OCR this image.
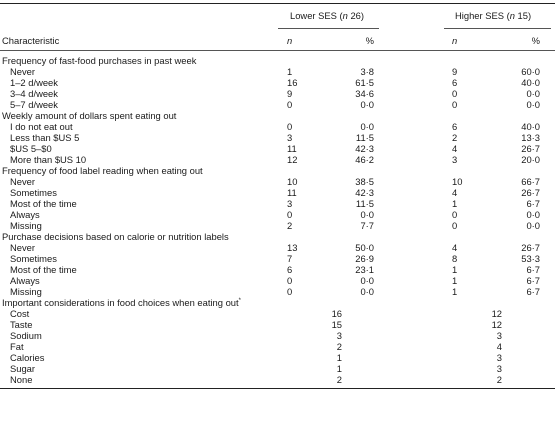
Lower SES (n 26)	Higher SES (n 15)
Characteristic	n	%	n	%
Frequency of fast-food purchases in past week
Never	1	3·8	9	60·0
1–2 d/week	16	61·5	6	40·0
3–4 d/week	9	34·6	0	0·0
5–7 d/week	0	0·0	0	0·0
Weekly amount of dollars spent eating out
I do not eat out	0	0·0	6	40·0
Less than $US 5	3	11·5	2	13·3
$US 5–$0	11	42·3	4	26·7
More than $US 10	12	46·2	3	20·0
Frequency of food label reading when eating out
Never	10	38·5	10	66·7
Sometimes	11	42·3	4	26·7
Most of the time	3	11·5	1	6·7
Always	0	0·0	0	0·0
Missing	2	7·7	0	0·0
Purchase decisions based on calorie or nutrition labels
Never	13	50·0	4	26·7
Sometimes	7	26·9	8	53·3
Most of the time	6	23·1	1	6·7
Always	0	0·0	1	6·7
Missing	0	0·0	1	6·7
Important considerations in food choices when eating out*
Cost	16	12
Taste	15	12
Sodium	3	3
Fat	2	4
Calories	1	3
Sugar	1	3
None	2	2
